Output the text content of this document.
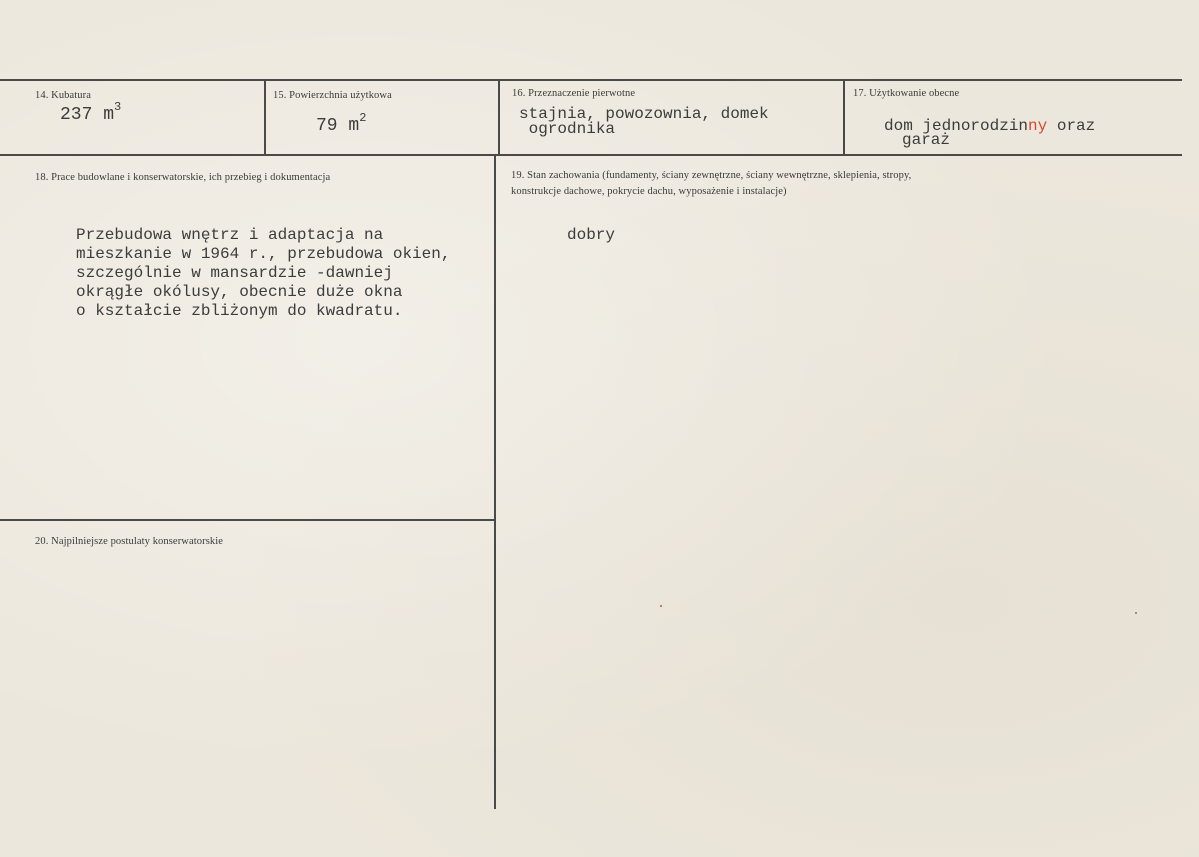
14. Kubatura
237 $m^3$
15. Powierzchnia użytkowa
79 $m^2$
16. Przeznaczenie pierwotne
stajnia, powozownia, domek
ogrodnika
17. Użytkowanie obecne
dom jednorodzinny oraz
garaż
18. Prace budowlane i konserwatorskie, ich przebieg i dokumentacja
Przebudowa wnętrz i adaptacja na
mieszkanie w 1964 r., przebudowa okien,
szczególnie w mansardzie -dawniej
okrągłe okólusy, obecnie duże okna
o kształcie zbliżonym do kwadratu.
19. Stan zachowania (fundamenty, ściany zewnętrzne, ściany wewnętrzne, sklepienia, stropy,
konstrukcje dachowe, pokrycie dachu, wyposażenie i instalacje)
dobry
20. Najpilniejsze postulaty konserwatorskie
